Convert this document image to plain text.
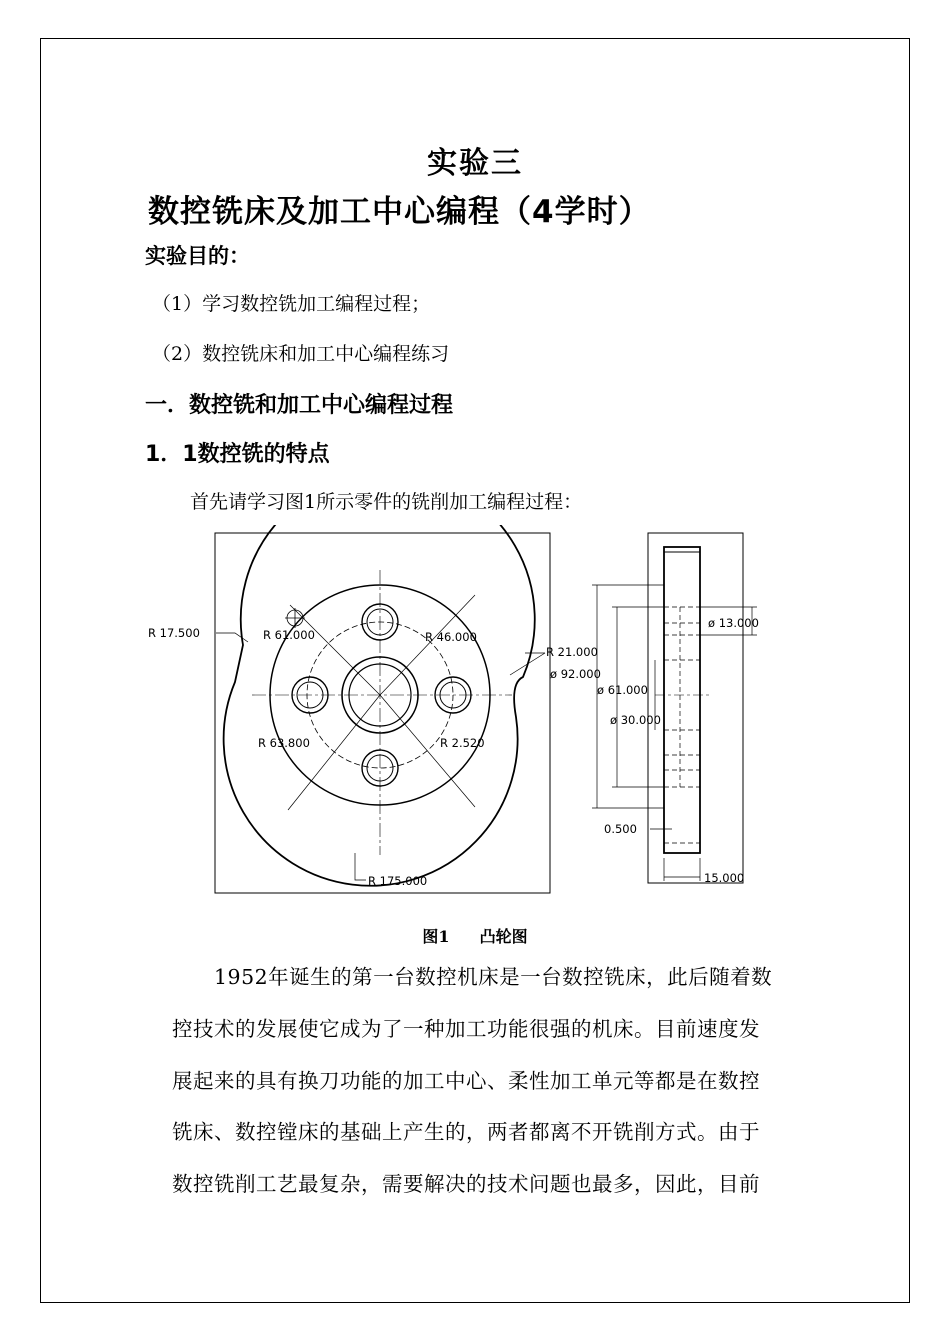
实验三
数控铣床及加工中心编程（4学时）
实验目的：
（1）学习数控铣加工编程过程；
（2）数控铣床和加工中心编程练习
一．数控铣和加工中心编程过程
1．1数控铣的特点
首先请学习图1所示零件的铣削加工编程过程：
R 17.500	R 61.000	R 46.000
R 21.000
R 63.800	R 2.520
R 175.000
ø 92.000
ø 61.000
ø 30.000
ø 13.000
0.500
15.000
图1 凸轮图
1952年诞生的第一台数控机床是一台数控铣床，此后随着数
控技术的发展使它成为了一种加工功能很强的机床。目前速度发
展起来的具有换刀功能的加工中心、柔性加工单元等都是在数控
铣床、数控镗床的基础上产生的，两者都离不开铣削方式。由于
数控铣削工艺最复杂，需要解决的技术问题也最多，因此，目前
